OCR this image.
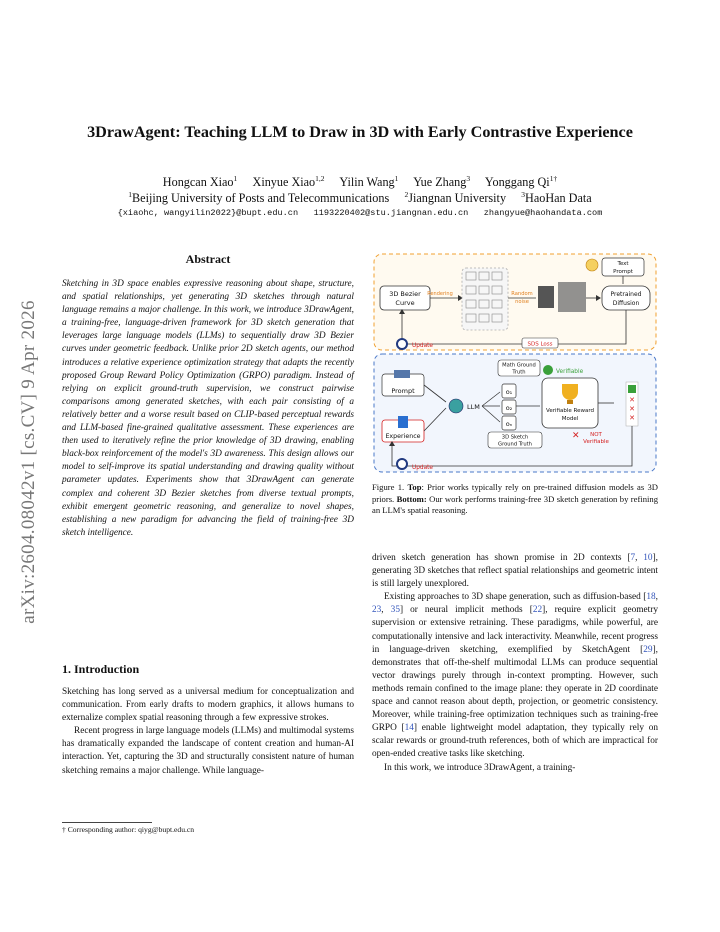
arXiv:2604.08042v1 [cs.CV] 9 Apr 2026
3DrawAgent: Teaching LLM to Draw in 3D with Early Contrastive Experience
Hongcan Xiao$^1$ Xinyue Xiao$^{1,2}$ Yilin Wang$^1$ Yue Zhang$^3$ Yonggang $Qi^{1\dagger}$
$^1$Beijing University of Posts and Telecommunications $^2$Jiangnan University $^3$HaoHan Data
{xiaohc, wangyilin2022}@bupt.edu.cn   1193220402@stu.jiangnan.edu.cn   zhangyue@haohandata.com
Abstract
Sketching in 3D space enables expressive reasoning about shape, structure, and spatial relationships, yet generating 3D sketches through natural language remains a major challenge. In this work, we introduce 3DrawAgent, a training-free, language-driven framework for 3D sketch generation that leverages large language models (LLMs) to sequentially draw 3D Bezier curves under geometric feedback. Unlike prior 2D sketch agents, our method introduces a relative experience optimization strategy that adapts the recently proposed Group Reward Policy Optimization (GRPO) paradigm. Instead of relying on explicit ground-truth supervision, we construct pairwise comparisons among generated sketches, with each pair consisting of a relatively better and a worse result based on CLIP-based perceptual rewards and LLM-based fine-grained qualitative assessment. These experiences are then used to iteratively refine the prior knowledge of 3D drawing, enabling black-box reinforcement of the model's 3D awareness. This design allows our model to self-improve its spatial understanding and drawing quality without parameter updates. Experiments show that 3DrawAgent can generate complex and coherent 3D Bezier sketches from diverse textual prompts, exhibit emergent geometric reasoning, and generalize to novel shapes, establishing a new paradigm for advancing the field of training-free 3D sketch intelligence.
1. Introduction

Sketching has long served as a universal medium for conceptualization and communication. From early drafts to modern graphics, it allows humans to externalize complex spatial reasoning through a few expressive strokes.

Recent progress in large language models (LLMs) and multimodal systems has dramatically expanded the landscape of content creation and human-AI interaction. Yet, capturing the 3D and structurally consistent nature of human sketching remains a major challenge. While language-

† Corresponding author: qiyg@bupt.edu.cn
3D Bezier
Curve
Rendering	Random
noise
Text
Prompt
Pretrained
Diffusion
Update	SDS Loss
Prompt
Experience
LLM
o₁
o₂
oₙ
Math Ground
Truth	Verifiable
Verifiable Reward
Model
3D Sketch
Ground Truth
✕ NOT
Verifiable
✕
✕
✕
Update
Figure 1. Top: Prior works typically rely on pre-trained diffusion models as 3D priors. Bottom: Our work performs training-free 3D sketch generation by refining an LLM's spatial reasoning.

driven sketch generation has shown promise in 2D contexts [7, 10], generating 3D sketches that reflect spatial relationships and geometric intent is still largely unexplored.

Existing approaches to 3D shape generation, such as diffusion-based [18, 23, 35] or neural implicit methods [22], require explicit geometry supervision or extensive retraining. These paradigms, while powerful, are computationally intensive and lack interactivity. Meanwhile, recent progress in language-driven sketching, exemplified by SketchAgent [29], demonstrates that off-the-shelf multimodal LLMs can produce sequential vector drawings purely through in-context prompting. However, such methods remain confined to the image plane: they operate in 2D coordinate space and cannot reason about depth, projection, or geometric consistency. Moreover, while training-free optimization techniques such as training-free GRPO [14] enable lightweight model adaptation, they typically rely on scalar rewards or ground-truth references, both of which are impractical for open-ended creative tasks like sketching.

In this work, we introduce 3DrawAgent, a training-
